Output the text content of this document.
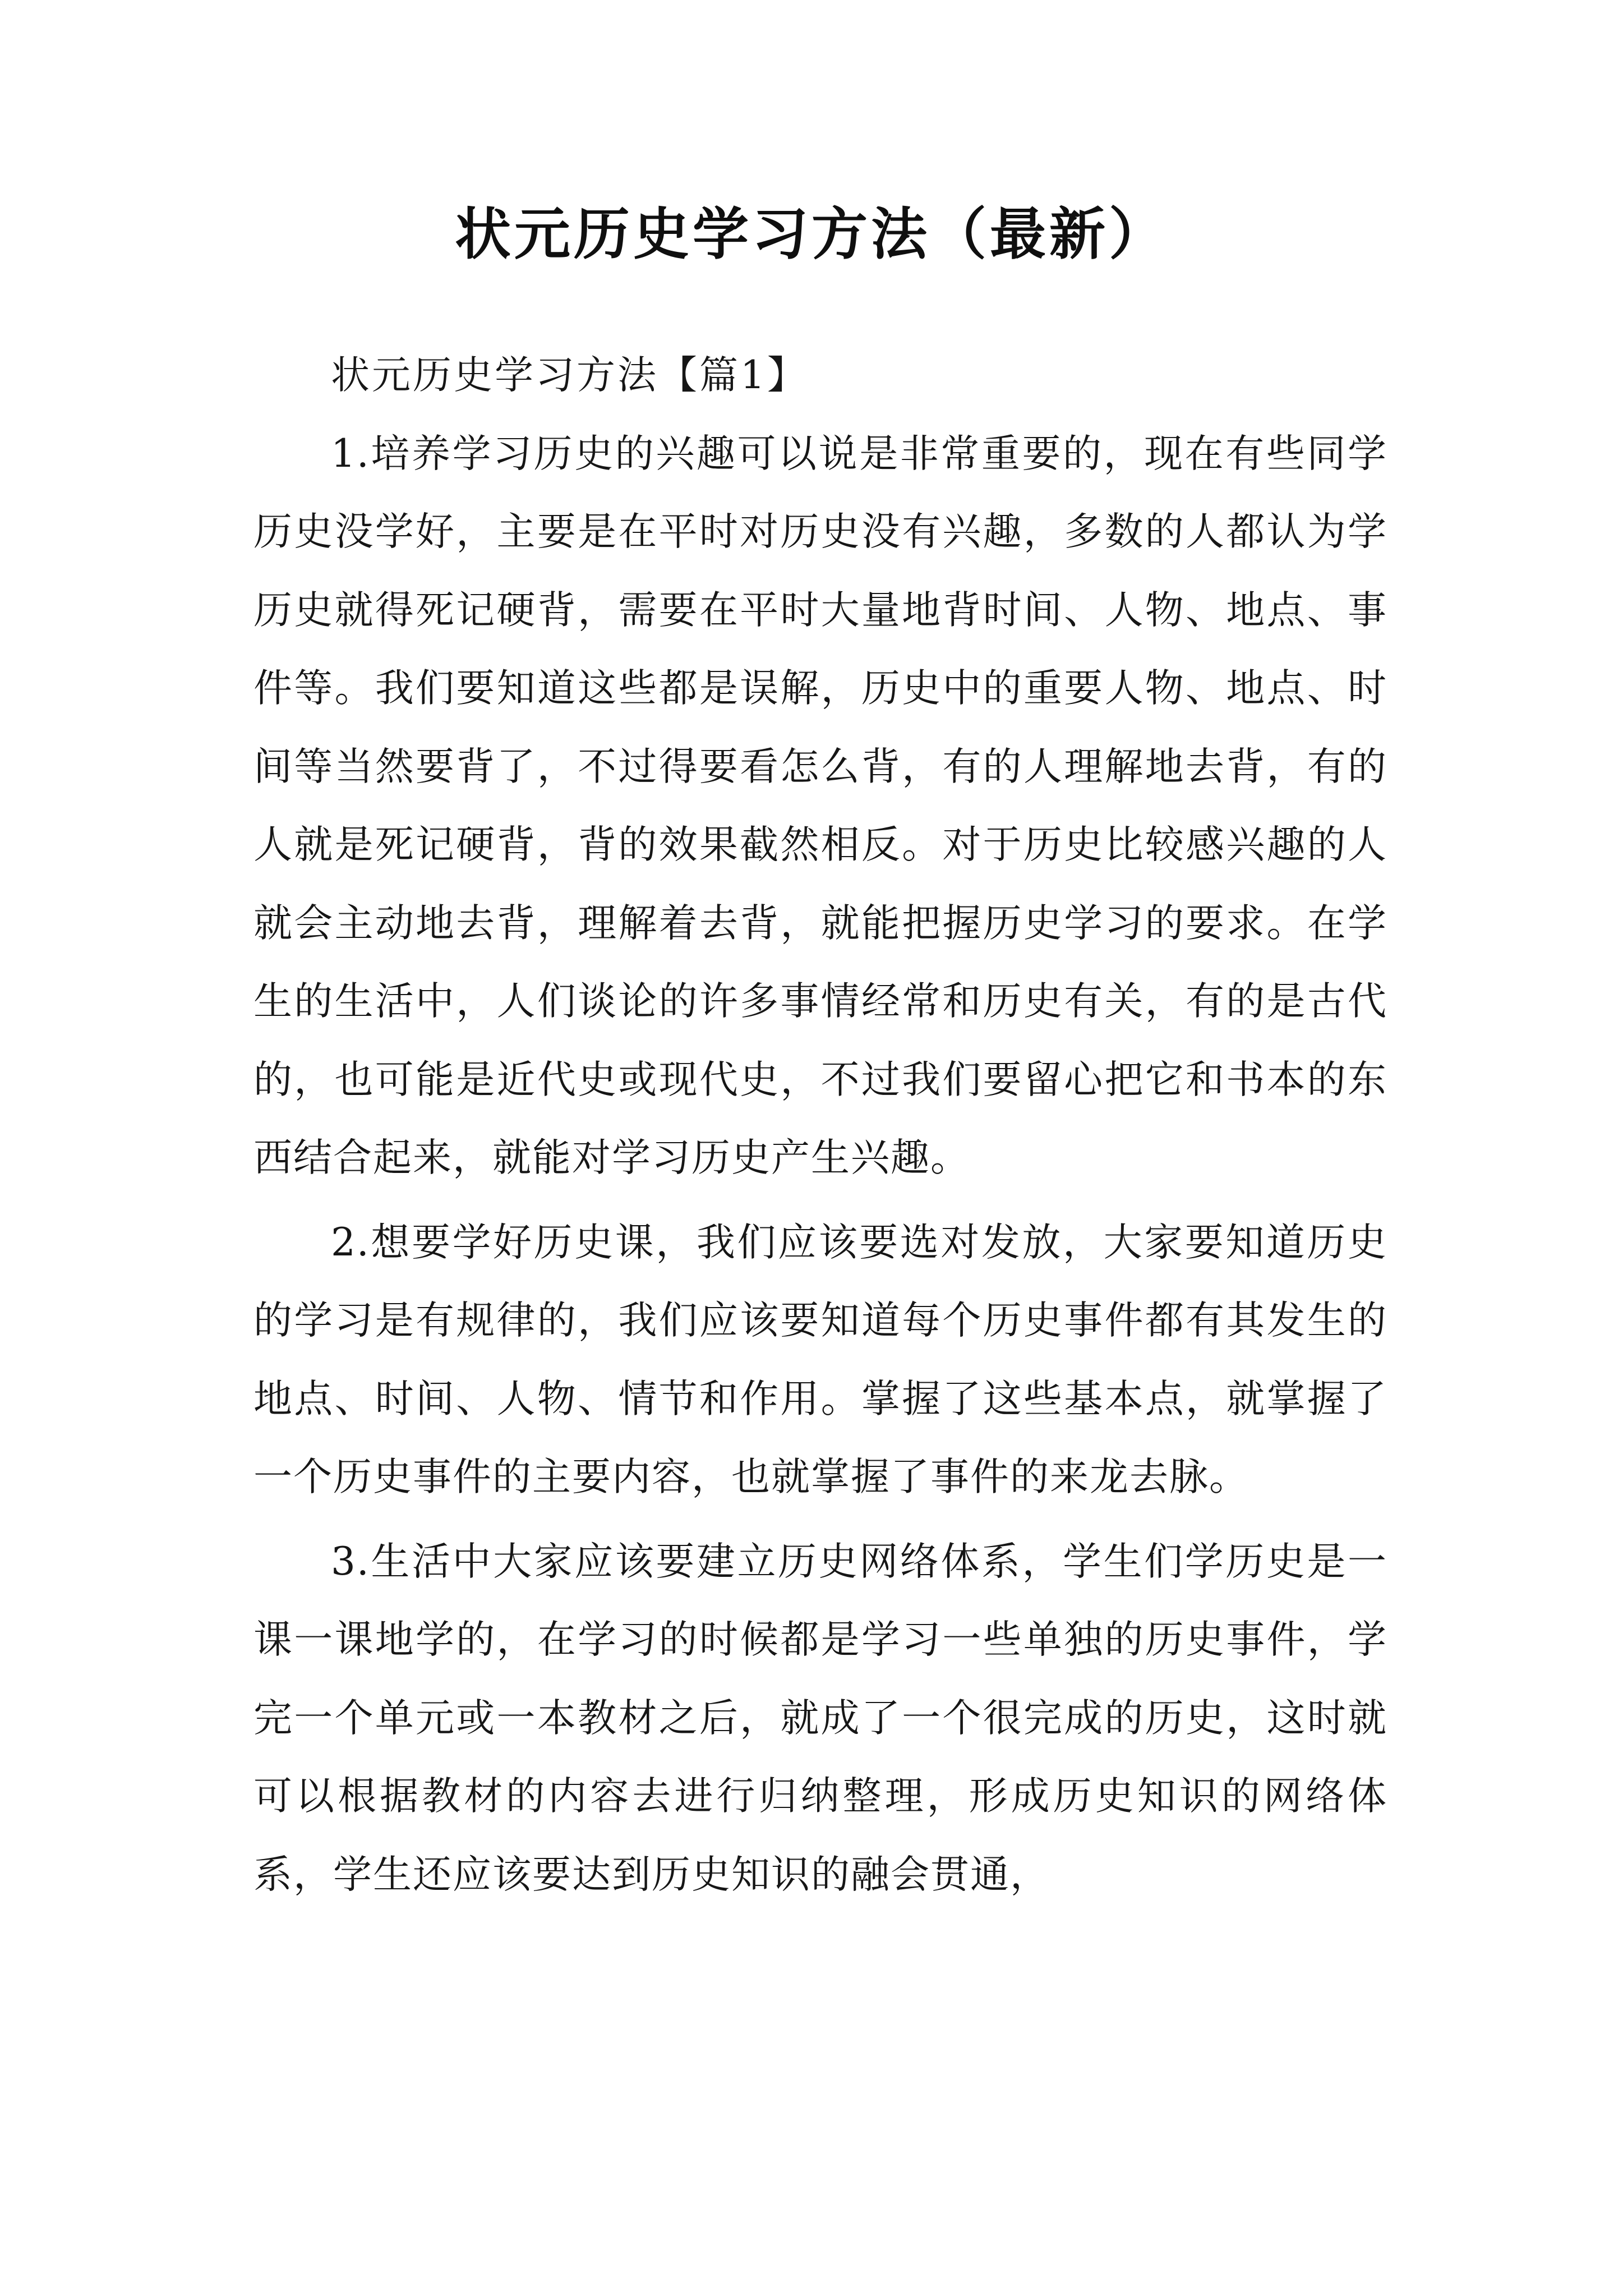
状元历史学习方法（最新）

状元历史学习方法【篇1】

1.培养学习历史的兴趣可以说是非常重要的，现在有些同学历史没学好，主要是在平时对历史没有兴趣，多数的人都认为学历史就得死记硬背，需要在平时大量地背时间、人物、地点、事件等。我们要知道这些都是误解，历史中的重要人物、地点、时间等当然要背了，不过得要看怎么背，有的人理解地去背，有的人就是死记硬背，背的效果截然相反。对于历史比较感兴趣的人就会主动地去背，理解着去背，就能把握历史学习的要求。在学生的生活中，人们谈论的许多事情经常和历史有关，有的是古代的，也可能是近代史或现代史，不过我们要留心把它和书本的东西结合起来，就能对学习历史产生兴趣。

2.想要学好历史课，我们应该要选对发放，大家要知道历史的学习是有规律的，我们应该要知道每个历史事件都有其发生的地点、时间、人物、情节和作用。掌握了这些基本点，就掌握了一个历史事件的主要内容，也就掌握了事件的来龙去脉。

3.生活中大家应该要建立历史网络体系，学生们学历史是一课一课地学的，在学习的时候都是学习一些单独的历史事件，学完一个单元或一本教材之后，就成了一个很完成的历史，这时就可以根据教材的内容去进行归纳整理，形成历史知识的网络体系，学生还应该要达到历史知识的融会贯通，
